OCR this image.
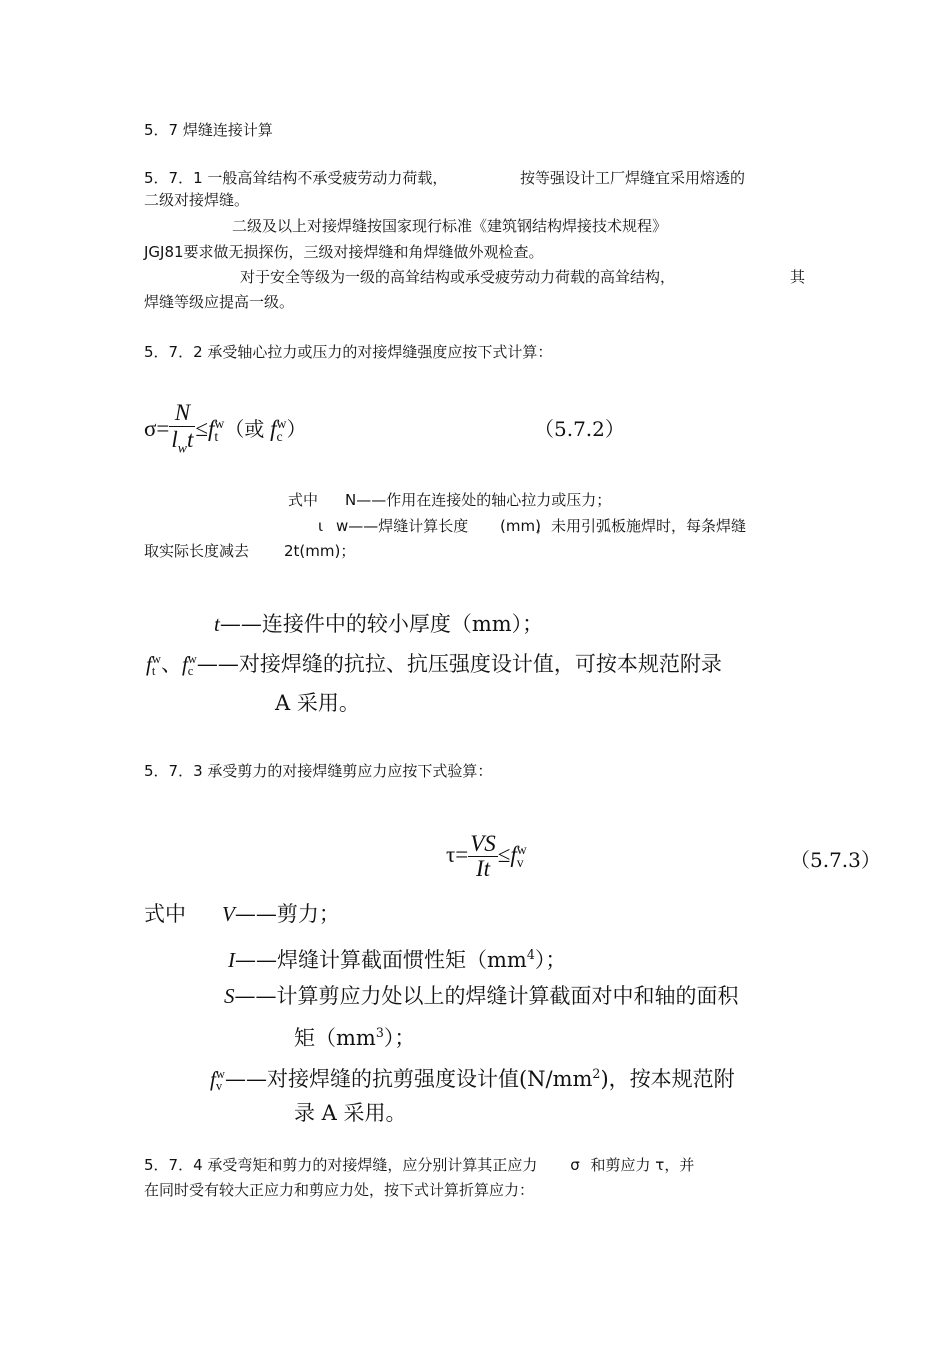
5．7 焊缝连接计算
5．7．1 一般高耸结构不承受疲劳动力荷载，	按等强设计工厂焊缝宜采用熔透的
二级对接焊缝。
二级及以上对接焊缝按国家现行标准《建筑钢结构焊接技术规程》
JGJ81要求做无损探伤，三级对接焊缝和角焊缝做外观检查。
对于安全等级为一级的高耸结构或承受疲劳动力荷载的高耸结构，	其
焊缝等级应提高一级。
5．7．2 承受轴心拉力或压力的对接焊缝强度应按下式计算：
$\sigma= \frac{N}{l_wt} \le f$ w
t （或 f w
c ）	（5.7.2）
式中 N——作用在连接处的轴心拉力或压力；
ι w——焊缝计算长度 (mm)
，未用引弧板施焊时，每条焊缝
取实际长度减去 2t(mm)；
t——连接件中的较小厚度（mm）；
f w
t 、f w
c ——对接焊缝的抗拉、抗压强度设计值，可按本规范附录
A 采用。
5．7．3 承受剪力的对接焊缝剪应力应按下式验算：
$\tau= \frac{VS}{It} \le f$ w
v	（5.7.3）
式中 V——剪力；
I——焊缝计算截面惯性矩$(mm^4)$；
S——计算剪应力处以上的焊缝计算截面对中和轴的面积
矩$(mm^3)$；
f w
v ——对接焊缝的抗剪强度设计值$(N/mm^2)$，按本规范附
录 A 采用。
5．7．4 承受弯矩和剪力的对接焊缝，应分别计算其正应力 σ 和剪应力 τ，并
在同时受有较大正应力和剪应力处，按下式计算折算应力：
